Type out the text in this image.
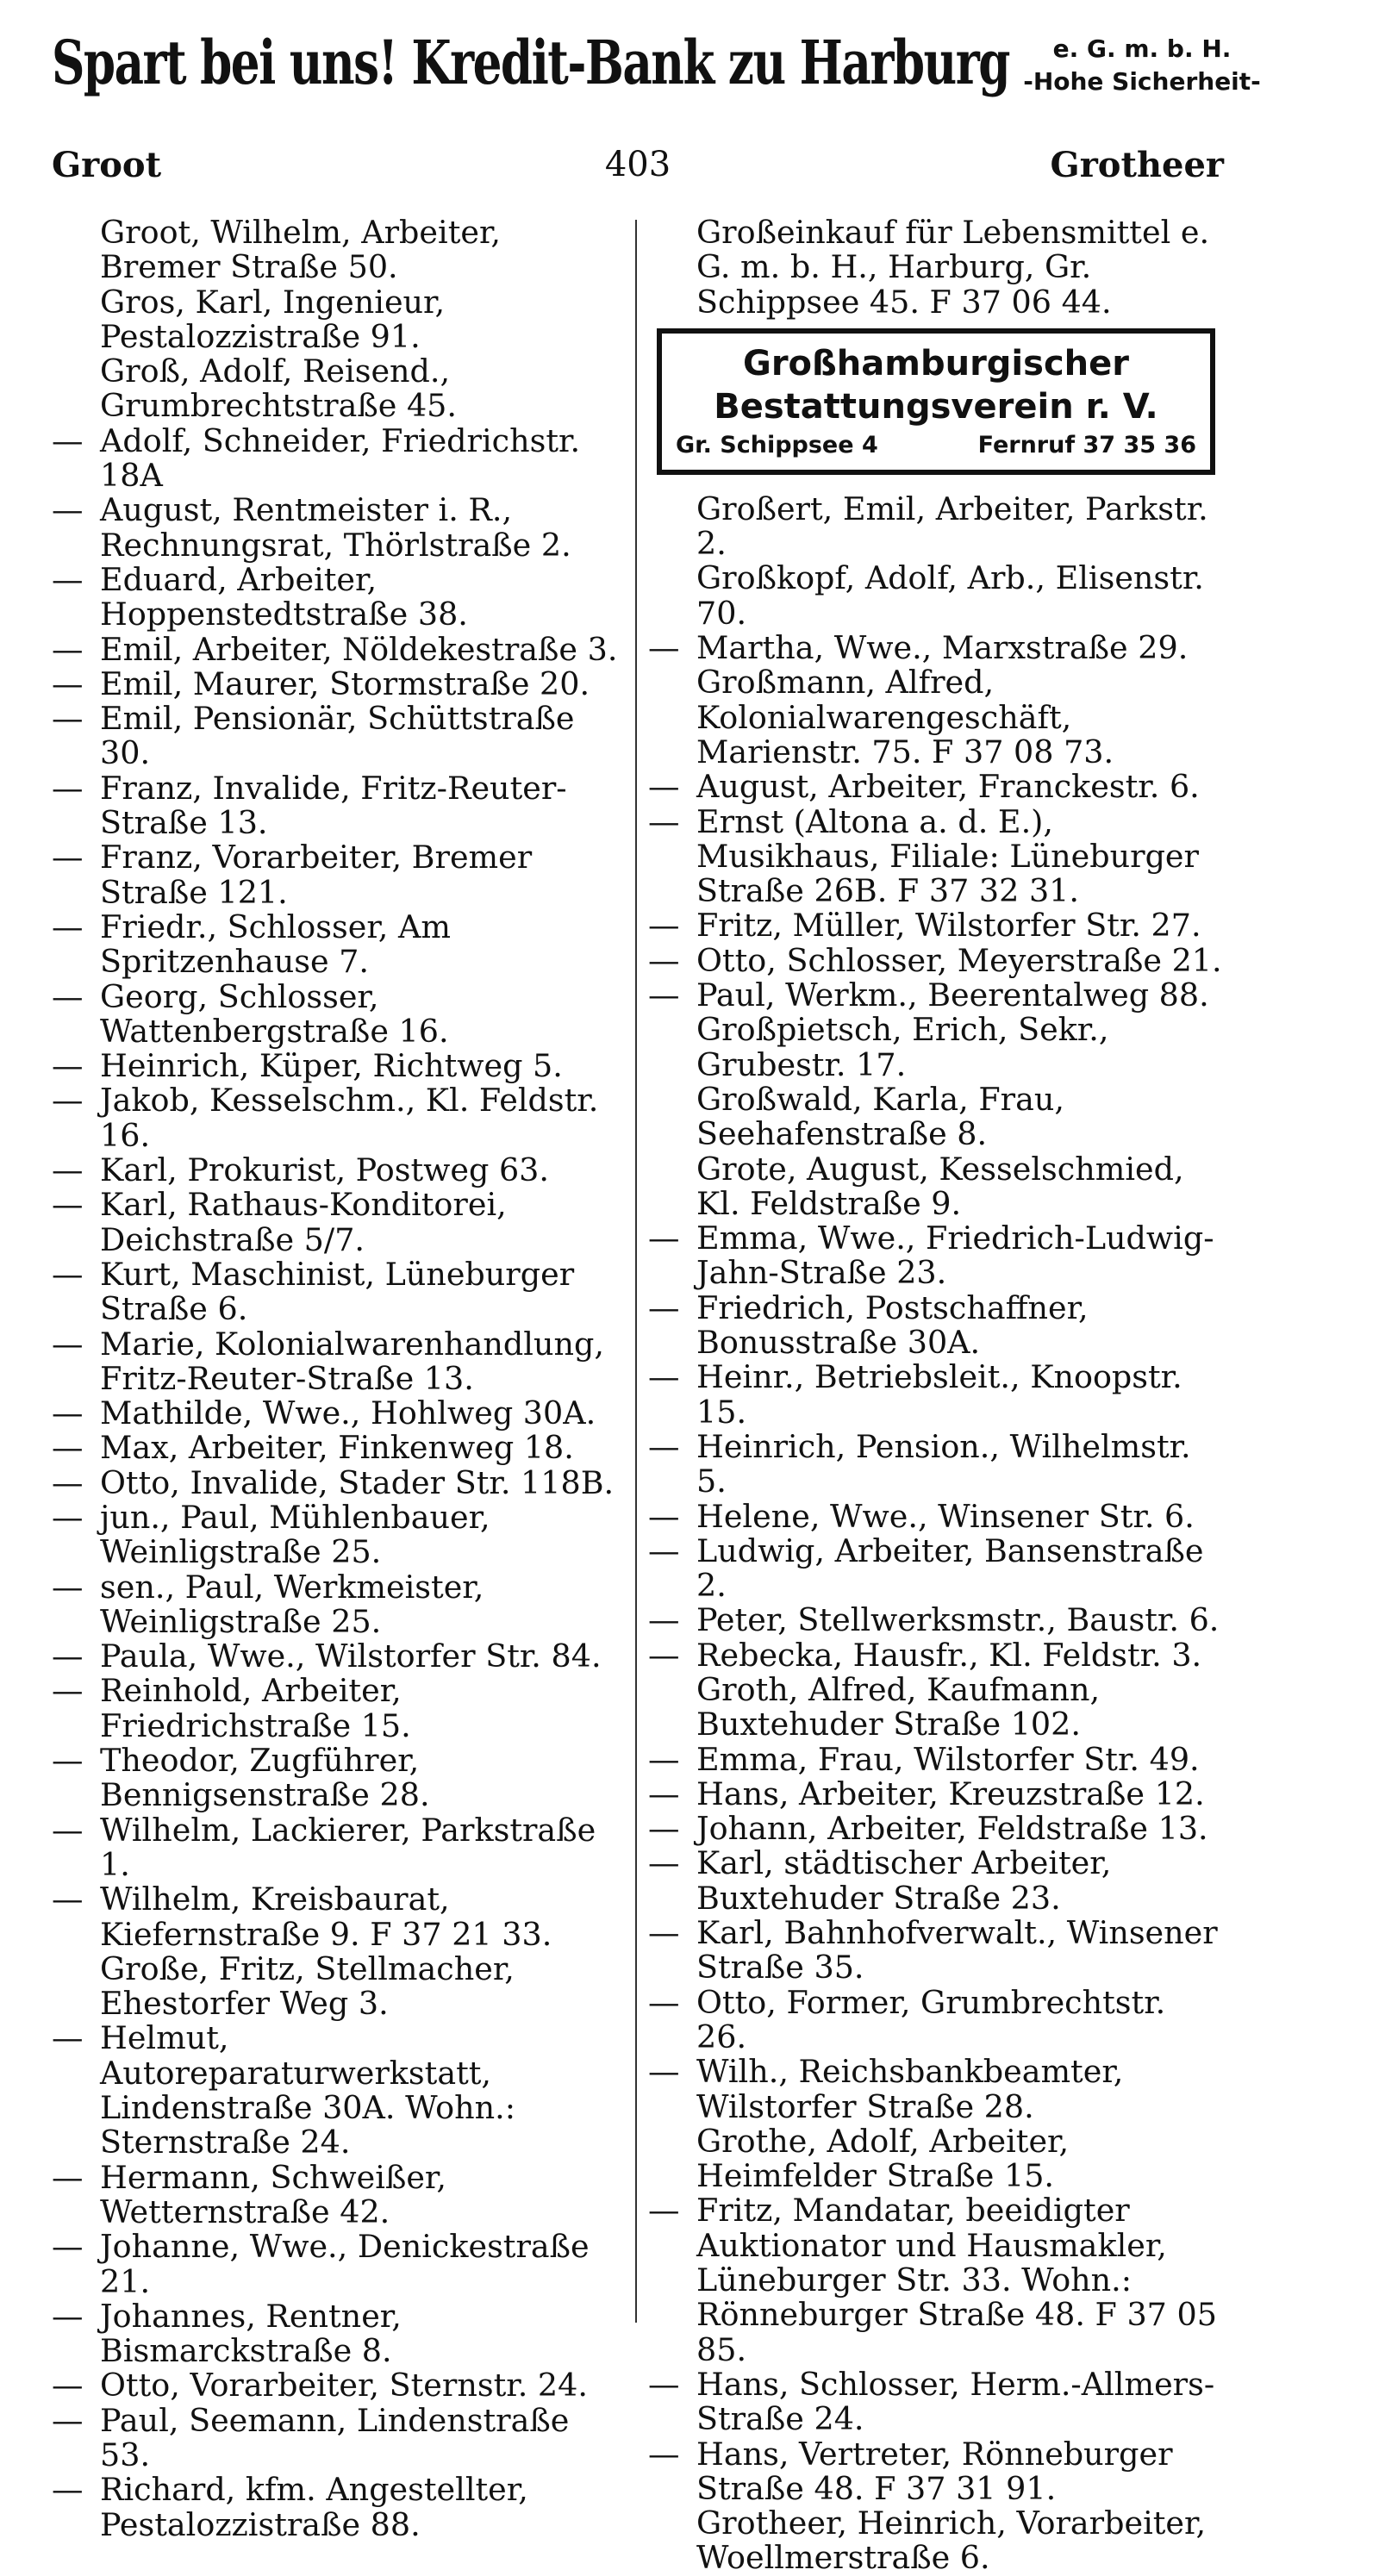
Spart bei uns! Kredit-Bank zu Harburg	e. G. m. b. H.
-Hohe Sicherheit-
403
Groot	Grotheer

Groot, Wilhelm, Arbeiter, Bremer Straße 50.

Gros, Karl, Ingenieur, Pestalozzistraße 91.

Groß, Adolf, Reisend., Grumbrechtstraße 45.

— Adolf, Schneider, Friedrichstr. 18A

— August, Rentmeister i. R., Rechnungsrat, Thörlstraße 2.

— Eduard, Arbeiter, Hoppenstedtstraße 38.

— Emil, Arbeiter, Nöldekestraße 3.

— Emil, Maurer, Stormstraße 20.

— Emil, Pensionär, Schüttstraße 30.

— Franz, Invalide, Fritz-Reuter-Straße 13.

— Franz, Vorarbeiter, Bremer Straße 121.

— Friedr., Schlosser, Am Spritzenhause 7.

— Georg, Schlosser, Wattenbergstraße 16.

— Heinrich, Küper, Richtweg 5.

— Jakob, Kesselschm., Kl. Feldstr. 16.

— Karl, Prokurist, Postweg 63.

— Karl, Rathaus-Konditorei, Deichstraße 5/7.

— Kurt, Maschinist, Lüneburger Straße 6.

— Marie, Kolonialwarenhandlung, Fritz-Reuter-Straße 13.

— Mathilde, Wwe., Hohlweg 30A.

— Max, Arbeiter, Finkenweg 18.

— Otto, Invalide, Stader Str. 118B.

— jun., Paul, Mühlenbauer, Weinligstraße 25.

— sen., Paul, Werkmeister, Weinligstraße 25.

— Paula, Wwe., Wilstorfer Str. 84.

— Reinhold, Arbeiter, Friedrichstraße 15.

— Theodor, Zugführer, Bennigsenstraße 28.

— Wilhelm, Lackierer, Parkstraße 1.

— Wilhelm, Kreisbaurat, Kiefernstraße 9. F 37 21 33.

Große, Fritz, Stellmacher, Ehestorfer Weg 3.

— Helmut, Autoreparaturwerkstatt, Lindenstraße 30A. Wohn.: Sternstraße 24.

— Hermann, Schweißer, Wetternstraße 42.

— Johanne, Wwe., Denickestraße 21.

— Johannes, Rentner, Bismarckstraße 8.

— Otto, Vorarbeiter, Sternstr. 24.

— Paul, Seemann, Lindenstraße 53.

— Richard, kfm. Angestellter, Pestalozzistraße 88.

Großeinkauf für Lebensmittel e. G. m. b. H., Harburg, Gr. Schippsee 45. F 37 06 44.

Großhamburgischer
Bestattungsverein r. V.
Gr. Schippsee 4	Fernruf 37 35 36

Großert, Emil, Arbeiter, Parkstr. 2.

Großkopf, Adolf, Arb., Elisenstr. 70.

— Martha, Wwe., Marxstraße 29.

Großmann, Alfred, Kolonialwarengeschäft, Marienstr. 75. F 37 08 73.

— August, Arbeiter, Franckestr. 6.

— Ernst (Altona a. d. E.), Musikhaus, Filiale: Lüneburger Straße 26B. F 37 32 31.

— Fritz, Müller, Wilstorfer Str. 27.

— Otto, Schlosser, Meyerstraße 21.

— Paul, Werkm., Beerentalweg 88.

Großpietsch, Erich, Sekr., Grubestr. 17.

Großwald, Karla, Frau, Seehafenstraße 8.

Grote, August, Kesselschmied, Kl. Feldstraße 9.

— Emma, Wwe., Friedrich-Ludwig-Jahn-Straße 23.

— Friedrich, Postschaffner, Bonusstraße 30A.

— Heinr., Betriebsleit., Knoopstr. 15.

— Heinrich, Pension., Wilhelmstr. 5.

— Helene, Wwe., Winsener Str. 6.

— Ludwig, Arbeiter, Bansenstraße 2.

— Peter, Stellwerksmstr., Baustr. 6.

— Rebecka, Hausfr., Kl. Feldstr. 3.

Groth, Alfred, Kaufmann, Buxtehuder Straße 102.

— Emma, Frau, Wilstorfer Str. 49.

— Hans, Arbeiter, Kreuzstraße 12.

— Johann, Arbeiter, Feldstraße 13.

— Karl, städtischer Arbeiter, Buxtehuder Straße 23.

— Karl, Bahnhofverwalt., Winsener Straße 35.

— Otto, Former, Grumbrechtstr. 26.

— Wilh., Reichsbankbeamter, Wilstorfer Straße 28.

Grothe, Adolf, Arbeiter, Heimfelder Straße 15.

— Fritz, Mandatar, beeidigter Auktionator und Hausmakler, Lüneburger Str. 33. Wohn.: Rönneburger Straße 48. F 37 05 85.

— Hans, Schlosser, Herm.-Allmers-Straße 24.

— Hans, Vertreter, Rönneburger Straße 48. F 37 31 91.

Grotheer, Heinrich, Vorarbeiter, Woellmerstraße 6.
